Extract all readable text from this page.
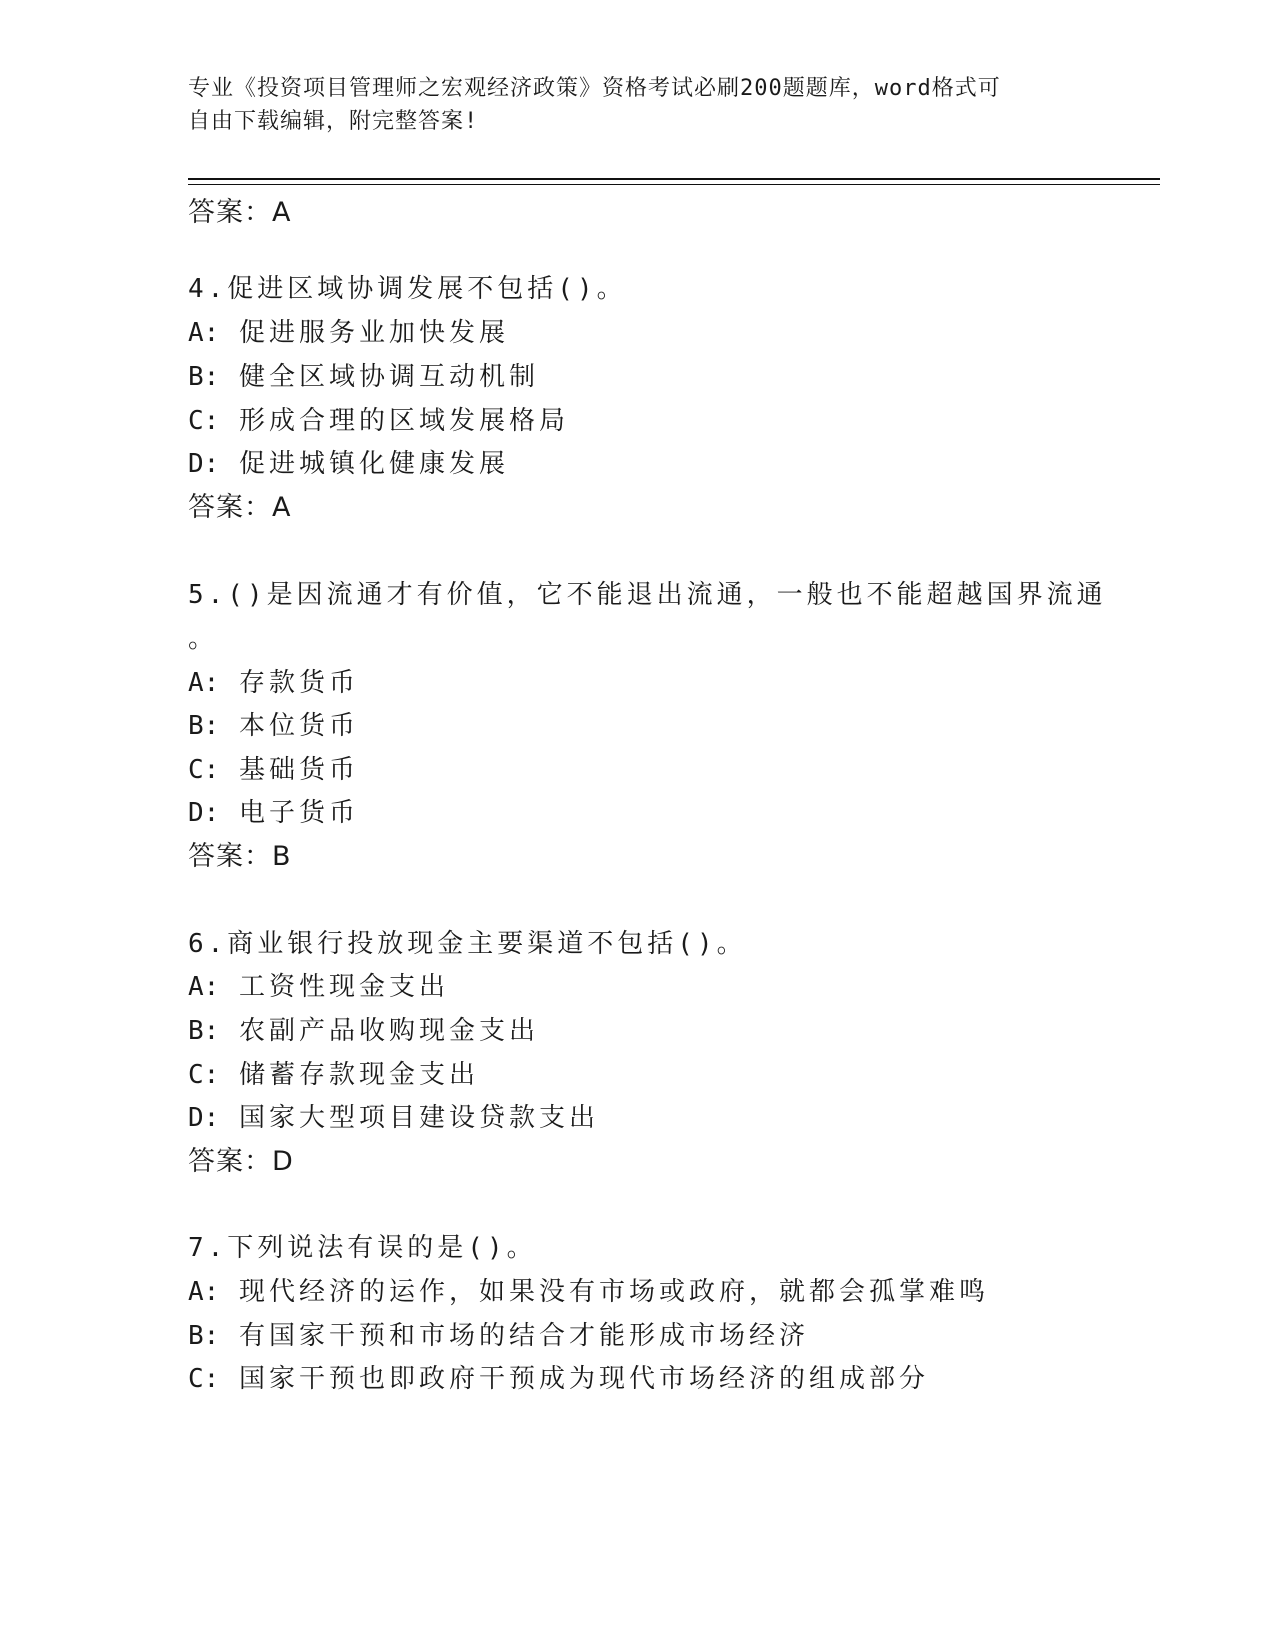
专业《投资项目管理师之宏观经济政策》资格考试必刷200题题库，word格式可
自由下载编辑，附完整答案!
答案：A
4.促进区域协调发展不包括()。
A: 促进服务业加快发展
B: 健全区域协调互动机制
C: 形成合理的区域发展格局
D: 促进城镇化健康发展
答案：A
5.()是因流通才有价值，它不能退出流通，一般也不能超越国界流通
。
A: 存款货币
B: 本位货币
C: 基础货币
D: 电子货币
答案：B
6.商业银行投放现金主要渠道不包括()。
A: 工资性现金支出
B: 农副产品收购现金支出
C: 储蓄存款现金支出
D: 国家大型项目建设贷款支出
答案：D
7.下列说法有误的是()。
A: 现代经济的运作，如果没有市场或政府，就都会孤掌难鸣
B: 有国家干预和市场的结合才能形成市场经济
C: 国家干预也即政府干预成为现代市场经济的组成部分
